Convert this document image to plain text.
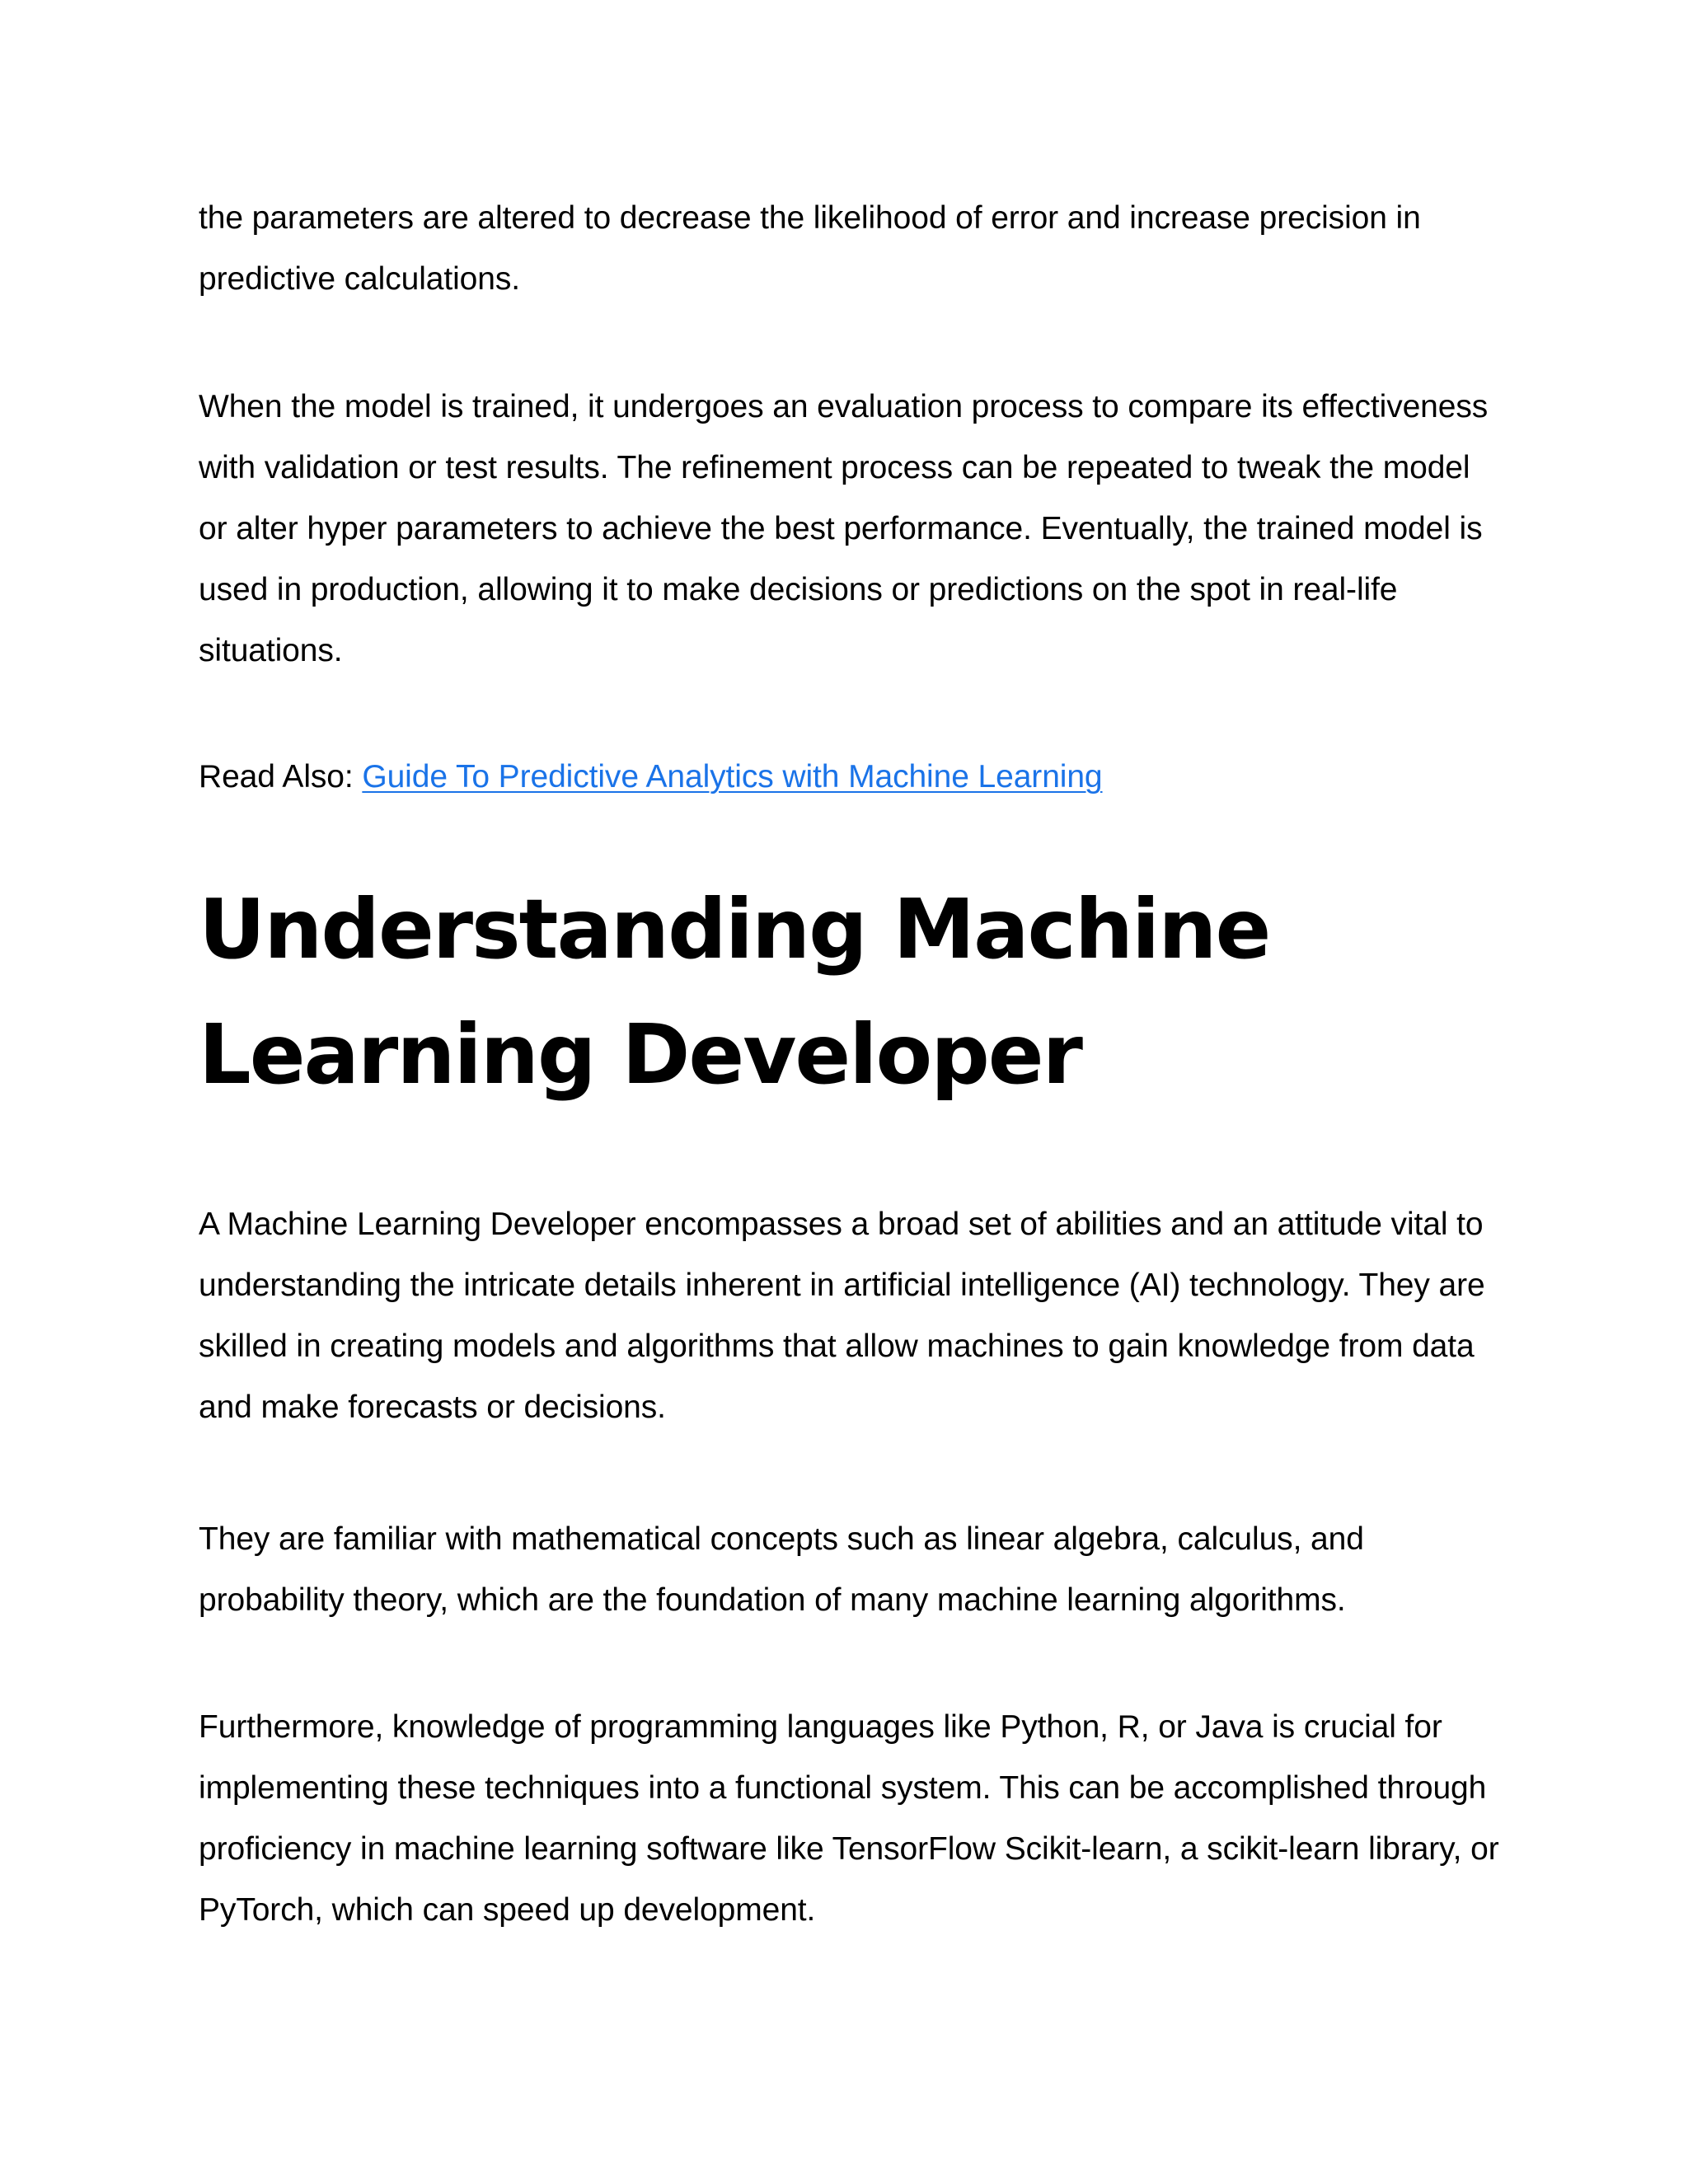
the parameters are altered to decrease the likelihood of error and increase precision in predictive calculations.

When the model is trained, it undergoes an evaluation process to compare its effectiveness with validation or test results. The refinement process can be repeated to tweak the model or alter hyper parameters to achieve the best performance. Eventually, the trained model is used in production, allowing it to make decisions or predictions on the spot in real-life situations.

Read Also: Guide To Predictive Analytics with Machine Learning

Understanding Machine Learning Developer

A Machine Learning Developer encompasses a broad set of abilities and an attitude vital to understanding the intricate details inherent in artificial intelligence (AI) technology. They are skilled in creating models and algorithms that allow machines to gain knowledge from data and make forecasts or decisions.

They are familiar with mathematical concepts such as linear algebra, calculus, and probability theory, which are the foundation of many machine learning algorithms.

Furthermore, knowledge of programming languages like Python, R, or Java is crucial for implementing these techniques into a functional system. This can be accomplished through proficiency in machine learning software like TensorFlow Scikit-learn, a scikit-learn library, or PyTorch, which can speed up development.
